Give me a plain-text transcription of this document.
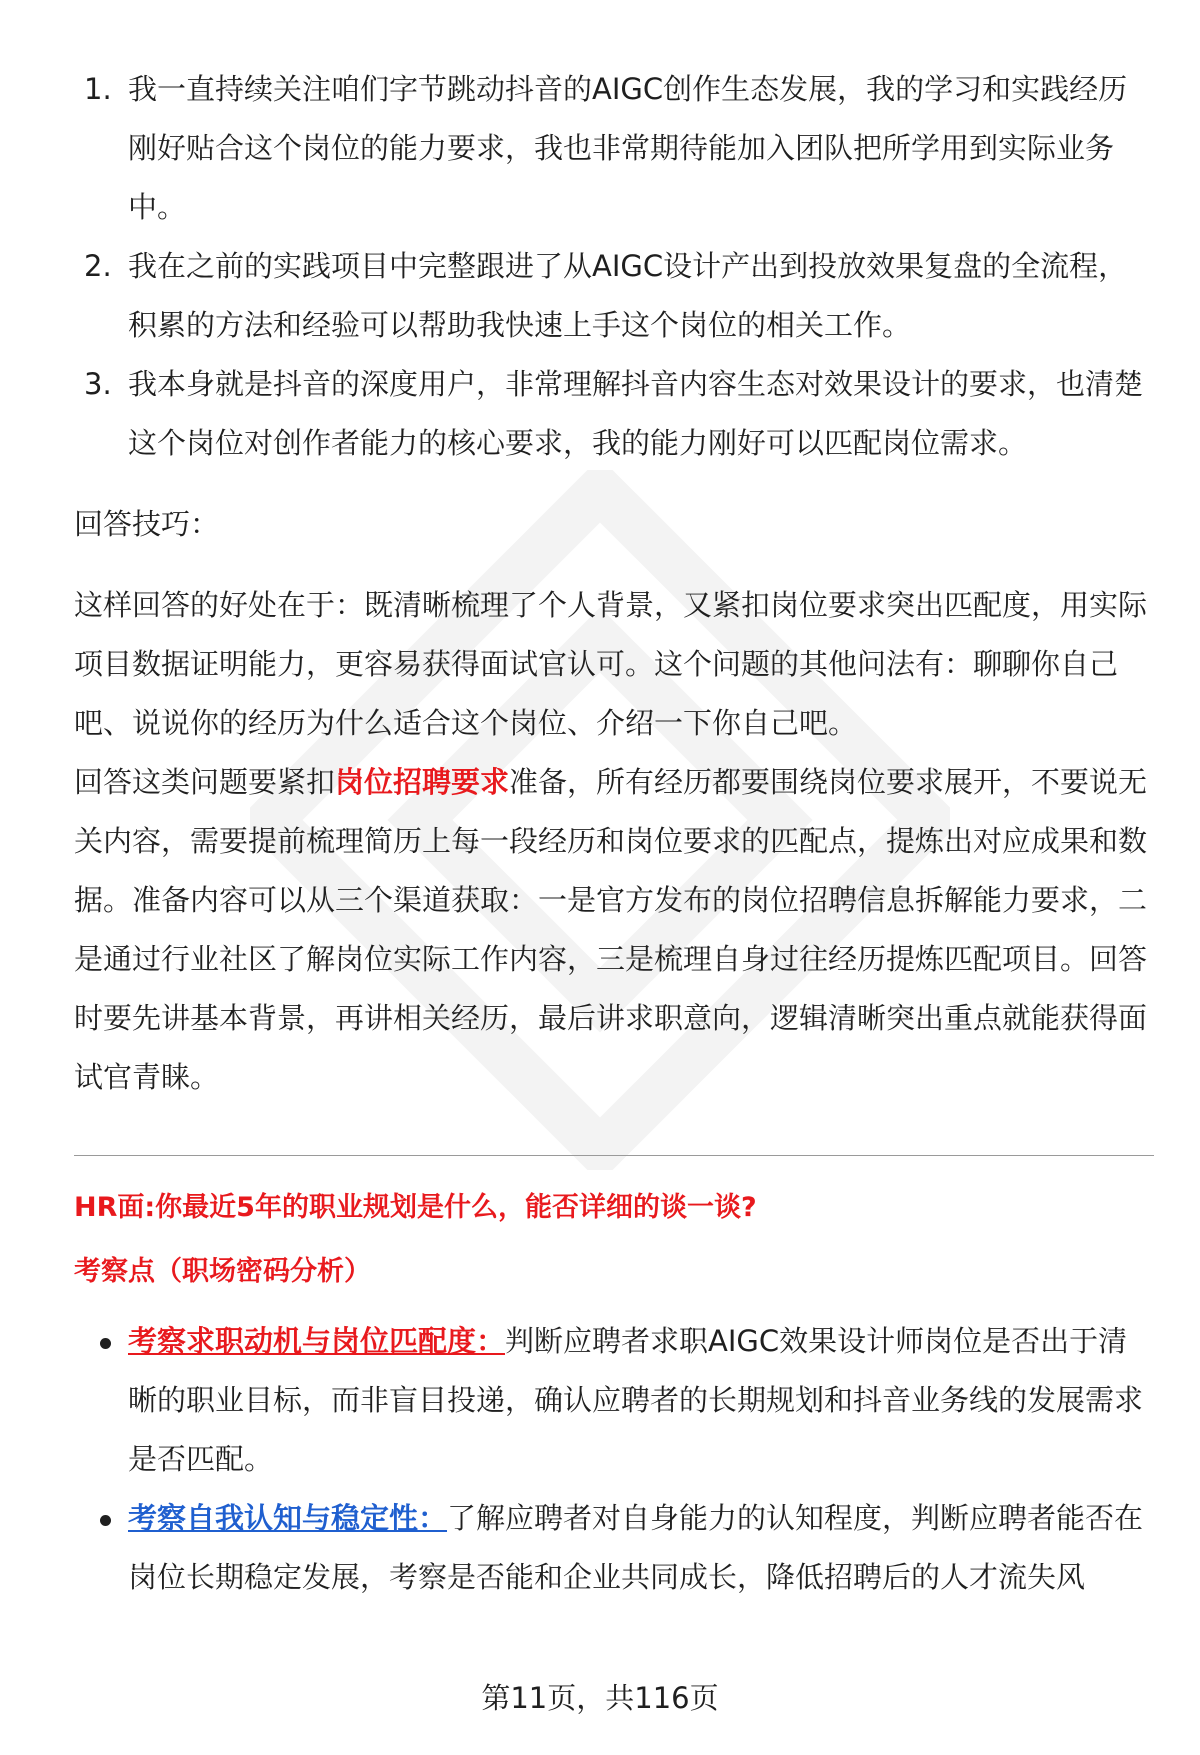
1. 我一直持续关注咱们字节跳动抖音的AIGC创作生态发展，我的学习和实践经历刚好贴合这个岗位的能力要求，我也非常期待能加入团队把所学用到实际业务中。
2. 我在之前的实践项目中完整跟进了从AIGC设计产出到投放效果复盘的全流程，积累的方法和经验可以帮助我快速上手这个岗位的相关工作。
3. 我本身就是抖音的深度用户，非常理解抖音内容生态对效果设计的要求，也清楚这个岗位对创作者能力的核心要求，我的能力刚好可以匹配岗位需求。

回答技巧：

这样回答的好处在于：既清晰梳理了个人背景，又紧扣岗位要求突出匹配度，用实际项目数据证明能力，更容易获得面试官认可。这个问题的其他问法有：聊聊你自己吧、说说你的经历为什么适合这个岗位、介绍一下你自己吧。

回答这类问题要紧扣岗位招聘要求准备，所有经历都要围绕岗位要求展开，不要说无关内容，需要提前梳理简历上每一段经历和岗位要求的匹配点，提炼出对应成果和数据。准备内容可以从三个渠道获取：一是官方发布的岗位招聘信息拆解能力要求，二是通过行业社区了解岗位实际工作内容，三是梳理自身过往经历提炼匹配项目。回答时要先讲基本背景，再讲相关经历，最后讲求职意向，逻辑清晰突出重点就能获得面试官青睐。

HR面:你最近5年的职业规划是什么，能否详细的谈一谈?
考察点（职场密码分析）
考察求职动机与岗位匹配度：判断应聘者求职AIGC效果设计师岗位是否出于清晰的职业目标，而非盲目投递，确认应聘者的长期规划和抖音业务线的发展需求是否匹配。
考察自我认知与稳定性：了解应聘者对自身能力的认知程度，判断应聘者能否在岗位长期稳定发展，考察是否能和企业共同成长，降低招聘后的人才流失风
第11页，共116页
